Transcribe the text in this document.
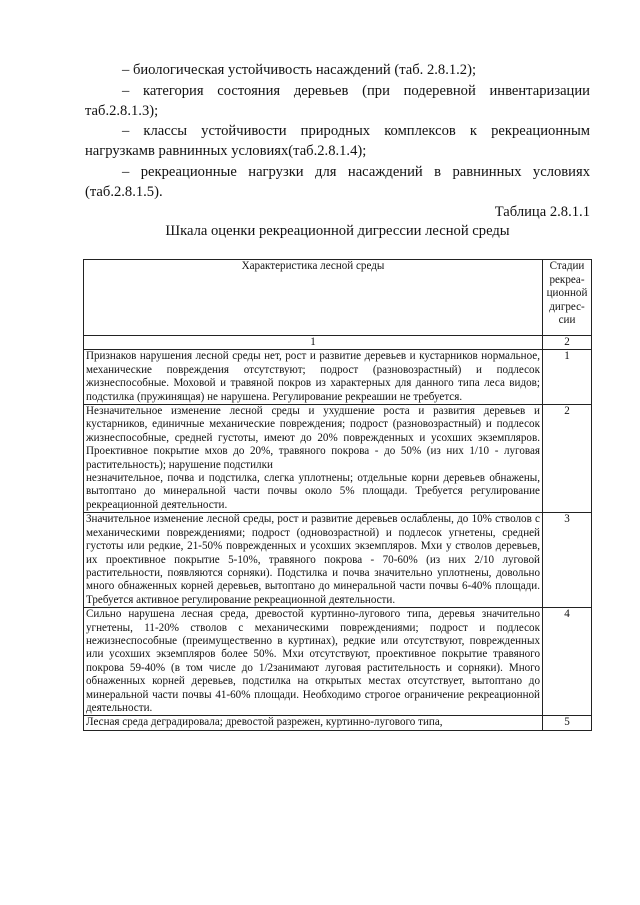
– биологическая устойчивость насаждений (таб. 2.8.1.2);

– категория состояния деревьев (при подеревной инвентаризации таб.2.8.1.3);

– классы устойчивости природных комплексов к рекреационным нагрузкамв равнинных условиях(таб.2.8.1.4);

– рекреационные нагрузки для насаждений в равнинных условиях (таб.2.8.1.5).

Таблица 2.8.1.1
Шкала оценки рекреационной дигрессии лесной среды
Характеристика лесной среды	Стадии рекреа-ционной дигрес-сии
1	2
Признаков нарушения лесной среды нет, рост и развитие деревьев и кустарников нормальное, механические повреждения отсутствуют; подрост (разновозрастный) и подлесок жизнеспособные. Моховой и травяной покров из характерных для данного типа леса видов; подстилка (пружинящая) не нарушена. Регулирование рекреашии не требуется.	1

Незначительное изменение лесной среды и ухудшение роста и развития деревьев и кустарников, единичные механические повреждения; подрост (разновозрастный) и подлесок жизнеспособные, средней густоты, имеют до 20% поврежденных и усохших экземпляров. Проективное покрытие мхов до 20%, травяного покрова - до 50% (из них 1/10 - луговая растительность); нарушение подстилки
незначительное, почва и подстилка, слегка уплотнены; отдельные корни деревьев обнажены, вытоптано до минеральной части почвы около 5% площади. Требуется регулирование рекреационной деятельности.	2
Значительное изменение лесной среды, рост и развитие деревьев ослаблены, до 10% стволов с механическими повреждениями; подрост (одновозрастной) и подлесок угнетены, средней густоты или редкие, 21-50% поврежденных и усохших экземпляров. Мхи у стволов деревьев, их проективное покрытие 5-10%, травяного покрова - 70-60% (из них 2/10 луговой растительности, появляются сорняки). Подстилка и почва значительно уплотнены, довольно много обнаженных корней деревьев, вытоптано до минеральной части почвы 6-40% площади. Требуется активное регулирование рекреационной деятельности.	3
Сильно нарушена лесная среда, древостой куртинно-лугового типа, деревья значительно угнетены, 11-20% стволов с механическими повреждениями; подрост и подлесок нежизнеспособные (преимущественно в куртинах), редкие или отсутствуют, поврежденных или усохших экземпляров более 50%. Мхи отсутствуют, проективное покрытие травяного покрова 59-40% (в том числе до 1/2занимают луговая растительность и сорняки). Много обнаженных корней деревьев, подстилка на открытых местах отсутствует, вытоптано до минеральной части почвы 41-60% площади. Необходимо строгое ограничение рекреационной деятельности.	4
Лесная среда деградировала; древостой разрежен, куртинно-лугового типа,	5
